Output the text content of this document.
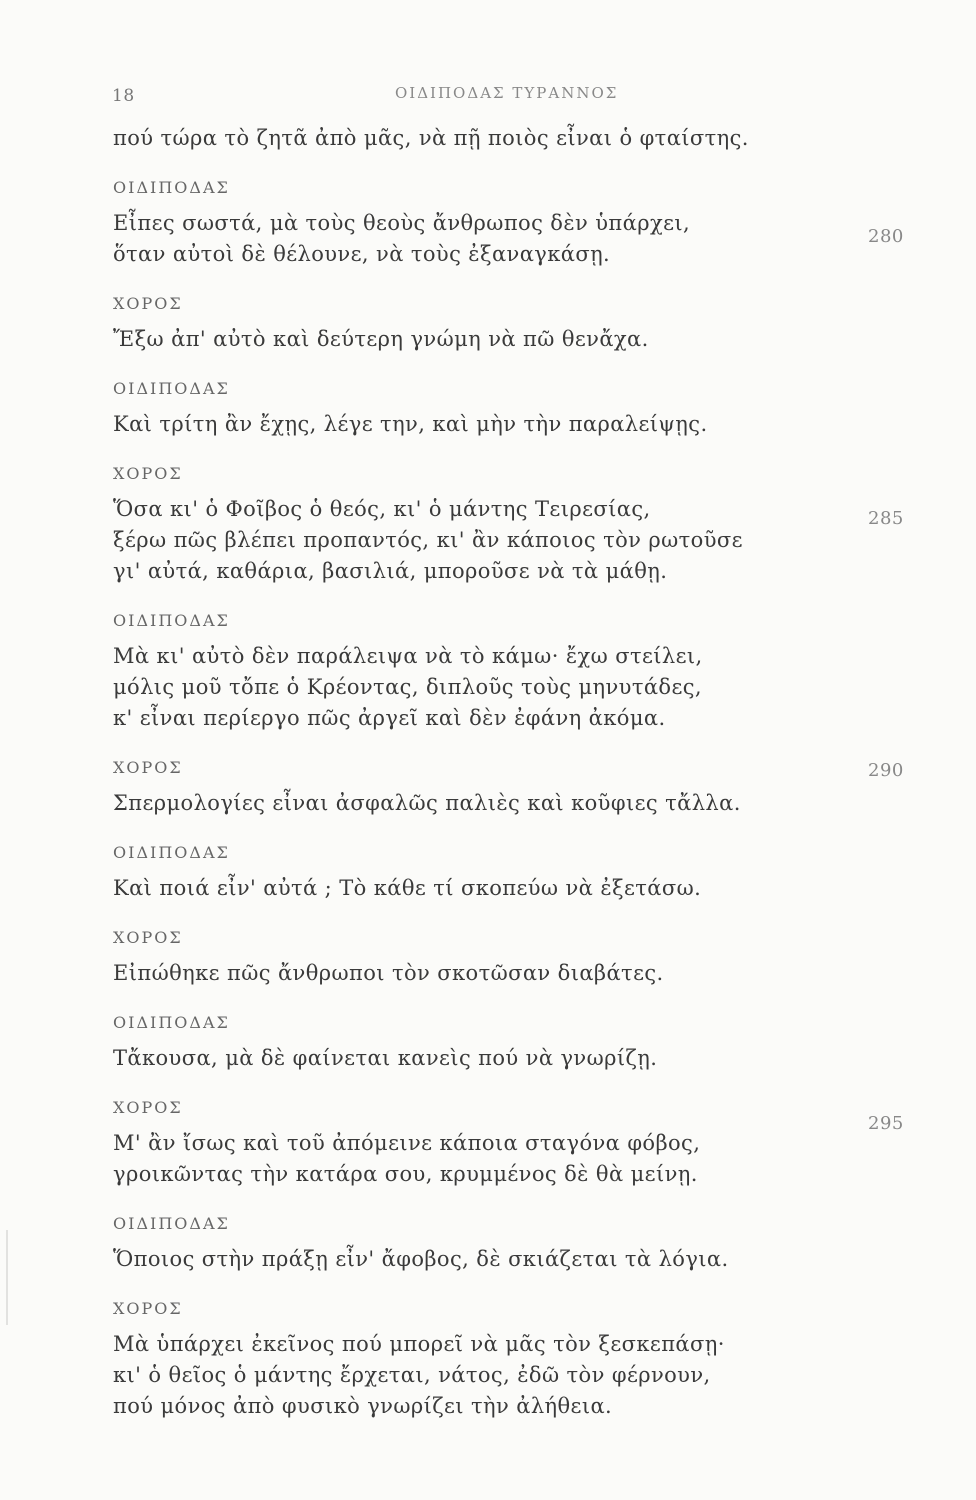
18	ΟΙΔΙΠΟΔΑΣ ΤΥΡΑΝΝΟΣ
πού τώρα τὸ ζητᾶ ἀπὸ μᾶς, νὰ πῇ ποιὸς εἶναι ὁ φταίστης.
ΟΙΔΙΠΟΔΑΣ
Εἶπες σωστά, μὰ τοὺς θεοὺς ἄνθρωπος δὲν ὑπάρχει,
ὅταν αὐτοὶ δὲ θέλουνε, νὰ τοὺς ἐξαναγκάσῃ.
ΧΟΡΟΣ
Ἔξω ἀπ' αὐτὸ καὶ δεύτερη γνώμη νὰ πῶ θενἄχα.
ΟΙΔΙΠΟΔΑΣ
Καὶ τρίτη ἂν ἔχῃς, λέγε την, καὶ μὴν τὴν παραλείψῃς.
ΧΟΡΟΣ
Ὅσα κι' ὁ Φοῖβος ὁ θεός, κι' ὁ μάντης Τειρεσίας,
ξέρω πῶς βλέπει προπαντός, κι' ἂν κάποιος τὸν ρωτοῦσε
γι' αὐτά, καθάρια, βασιλιά, μποροῦσε νὰ τὰ μάθῃ.
ΟΙΔΙΠΟΔΑΣ
Μὰ κι' αὐτὸ δὲν παράλειψα νὰ τὸ κάμω· ἔχω στείλει,
μόλις μοῦ τὄπε ὁ Κρέοντας, διπλοῦς τοὺς μηνυτάδες,
κ' εἶναι περίεργο πῶς ἀργεῖ καὶ δὲν ἐφάνη ἀκόμα.
ΧΟΡΟΣ
Σπερμολογίες εἶναι ἀσφαλῶς παλιὲς καὶ κοῦφιες τἄλλα.
ΟΙΔΙΠΟΔΑΣ
Καὶ ποιά εἶν' αὐτά ; Τὸ κάθε τί σκοπεύω νὰ ἐξετάσω.
ΧΟΡΟΣ
Εἰπώθηκε πῶς ἄνθρωποι τὸν σκοτῶσαν διαβάτες.
ΟΙΔΙΠΟΔΑΣ
Τἄκουσα, μὰ δὲ φαίνεται κανεὶς πού νὰ γνωρίζῃ.
ΧΟΡΟΣ
Μ' ἂν ἴσως καὶ τοῦ ἀπόμεινε κάποια σταγόνα φόβος,
γροικῶντας τὴν κατάρα σου, κρυμμένος δὲ θὰ μείνῃ.
ΟΙΔΙΠΟΔΑΣ
Ὅποιος στὴν πράξῃ εἶν' ἄφοβος, δὲ σκιάζεται τὰ λόγια.
ΧΟΡΟΣ
Μὰ ὑπάρχει ἐκεῖνος πού μπορεῖ νὰ μᾶς τὸν ξεσκεπάσῃ·
κι' ὁ θεῖος ὁ μάντης ἔρχεται, νάτος, ἐδῶ τὸν φέρνουν,
πού μόνος ἀπὸ φυσικὸ γνωρίζει τὴν ἀλήθεια.
280
285
290
295
